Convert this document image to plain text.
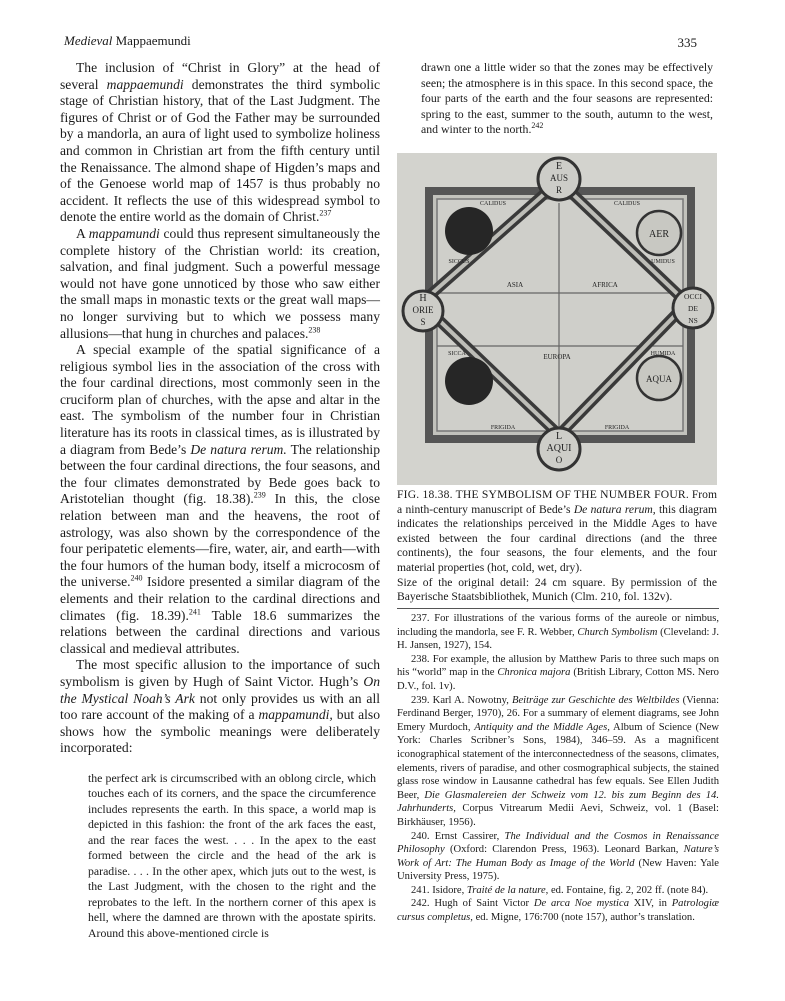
Medieval Mappaemundi	335

The inclusion of “Christ in Glory” at the head of several mappaemundi demonstrates the third symbolic stage of Christian history, that of the Last Judgment. The figures of Christ or of God the Father may be surrounded by a mandorla, an aura of light used to symbolize holiness and common in Christian art from the fifth century until the Renaissance. The almond shape of Higden’s maps and of the Genoese world map of 1457 is thus probably no accident. It reflects the use of this widespread symbol to denote the entire world as the domain of Christ.$^{237}$

A mappamundi could thus represent simultaneously the complete history of the Christian world: its creation, salvation, and final judgment. Such a powerful message would not have gone unnoticed by those who saw either the small maps in monastic texts or the great wall maps—no longer surviving but to which we possess many allusions—that hung in churches and palaces.$^{238}$

A special example of the spatial significance of a religious symbol lies in the association of the cross with the four cardinal directions, most commonly seen in the cruciform plan of churches, with the apse and altar in the east. The symbolism of the number four in Christian literature has its roots in classical times, as is illustrated by a diagram from Bede’s De natura rerum. The relationship between the four cardinal directions, the four seasons, and the four climates demonstrated by Bede goes back to Aristotelian thought (fig. 18.38).$^{239}$ In this, the close relation between man and the heavens, the root of astrology, was also shown by the correspondence of the four peripatetic elements—fire, water, air, and earth—with the four humors of the human body, itself a microcosm of the universe.$^{240}$ Isidore presented a similar diagram of the elements and their relation to the cardinal directions and climates (fig. 18.39).$^{241}$ Table 18.6 summarizes the relations between the cardinal directions and various classical and medieval attributes.

The most specific allusion to the importance of such symbolism is given by Hugh of Saint Victor. Hugh’s On the Mystical Noah’s Ark not only provides us with an all too rare account of the making of a mappamundi, but also shows how the symbolic meanings were deliberately incorporated:

the perfect ark is circumscribed with an oblong circle, which touches each of its corners, and the space the circumference includes represents the earth. In this space, a world map is depicted in this fashion: the front of the ark faces the east, and the rear faces the west. . . . In the apex to the east formed between the circle and the head of the ark is paradise. . . . In the other apex, which juts out to the west, is the Last Judgment, with the chosen to the right and the reprobates to the left. In the northern corner of this apex is hell, where the damned are thrown with the apostate spirits. Around this above-mentioned circle is

drawn one a little wider so that the zones may be effectively seen; the atmosphere is in this space. In this second space, the four parts of the earth and the four seasons are represented: spring to the east, summer to the south, autumn to the west, and winter to the north.$^{242}$

E
AUS
R
H
ORIE
S
L
AQUI
O
OCCI
DE
NS
AER
AQUA
CALIDUS	CALIDUS
SICCUS	UMIDUS
SICCA	HUMIDA
FRIGIDA	FRIGIDA
ASIA	AFRICA
EUROPA

FIG. 18.38. THE SYMBOLISM OF THE NUMBER FOUR. From a ninth-century manuscript of Bede’s De natura rerum, this diagram indicates the relationships perceived in the Middle Ages to have existed between the four cardinal directions (and the three continents), the four seasons, the four elements, and the four material properties (hot, cold, wet, dry).

Size of the original detail: 24 cm square. By permission of the Bayerische Staatsbibliothek, Munich (Clm. 210, fol. 132v).

237. For illustrations of the various forms of the aureole or nimbus, including the mandorla, see F. R. Webber, Church Symbolism (Cleveland: J. H. Jansen, 1927), 154.

238. For example, the allusion by Matthew Paris to three such maps on his “world” map in the Chronica majora (British Library, Cotton MS. Nero D.V., fol. 1v).

239. Karl A. Nowotny, Beiträge zur Geschichte des Weltbildes (Vienna: Ferdinand Berger, 1970), 26. For a summary of element diagrams, see John Emery Murdoch, Antiquity and the Middle Ages, Album of Science (New York: Charles Scribner’s Sons, 1984), 346–59. As a magnificent iconographical statement of the interconnectedness of the seasons, climates, elements, rivers of paradise, and other cosmographical subjects, the stained glass rose window in Lausanne cathedral has few equals. See Ellen Judith Beer, Die Glasmalereien der Schweiz vom 12. bis zum Beginn des 14. Jahrhunderts, Corpus Vitrearum Medii Aevi, Schweiz, vol. 1 (Basel: Birkhäuser, 1956).

240. Ernst Cassirer, The Individual and the Cosmos in Renaissance Philosophy (Oxford: Clarendon Press, 1963). Leonard Barkan, Nature’s Work of Art: The Human Body as Image of the World (New Haven: Yale University Press, 1975).

241. Isidore, Traité de la nature, ed. Fontaine, fig. 2, 202 ff. (note 84).

242. Hugh of Saint Victor De arca Noe mystica XIV, in Patrologiæ cursus completus, ed. Migne, 176:700 (note 157), author’s translation.
